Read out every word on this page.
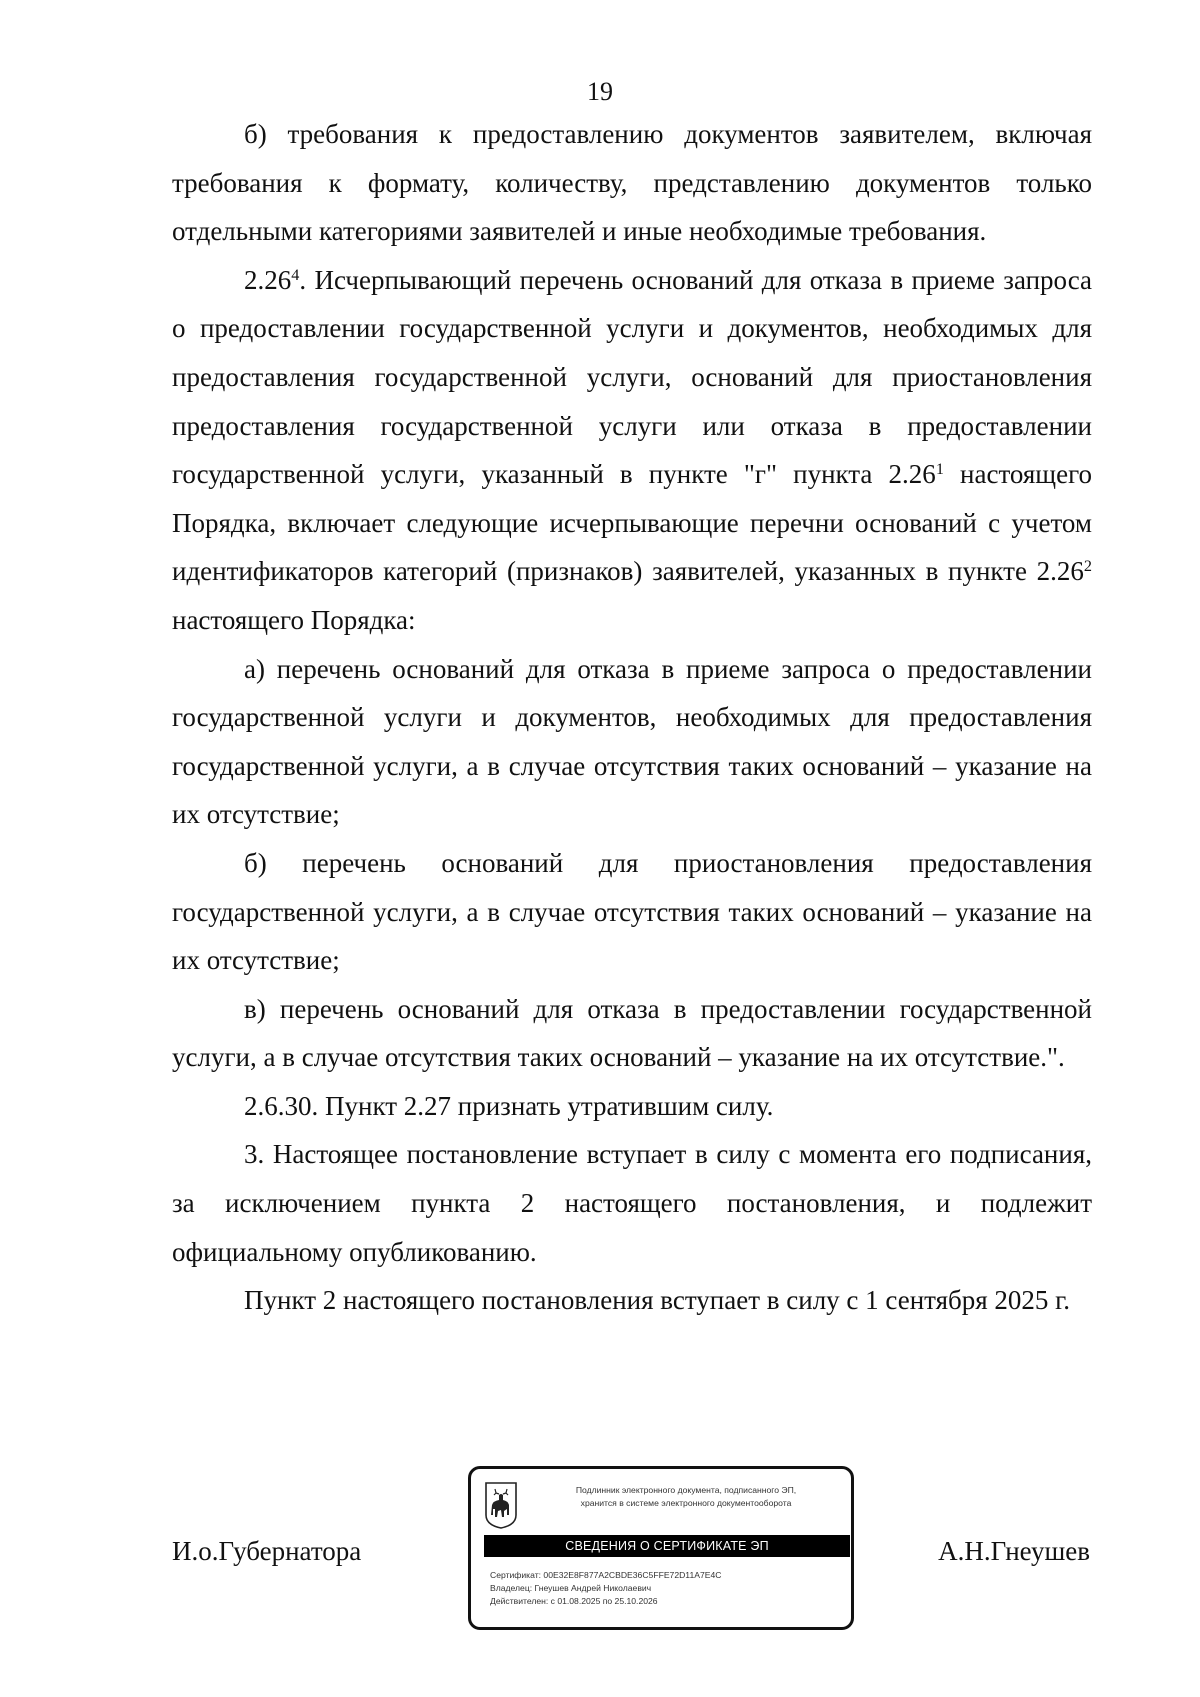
19

б) требования к предоставлению документов заявителем, включая требования к формату, количеству, представлению документов только отдельными категориями заявителей и иные необходимые требования.

2.26$^4$. Исчерпывающий перечень оснований для отказа в приеме запроса о предоставлении государственной услуги и документов, необходимых для предоставления государственной услуги, оснований для приостановления предоставления государственной услуги или отказа в предоставлении государственной услуги, указанный в пункте "г" пункта 2.26$^1$ настоящего Порядка, включает следующие исчерпывающие перечни оснований с учетом идентификаторов категорий (признаков) заявителей, указанных в пункте 2.26$^2$ настоящего Порядка:

а) перечень оснований для отказа в приеме запроса о предоставлении государственной услуги и документов, необходимых для предоставления государственной услуги, а в случае отсутствия таких оснований – указание на их отсутствие;

б) перечень оснований для приостановления предоставления государственной услуги, а в случае отсутствия таких оснований – указание на их отсутствие;

в) перечень оснований для отказа в предоставлении государственной услуги, а в случае отсутствия таких оснований – указание на их отсутствие.".

2.6.30. Пункт 2.27 признать утратившим силу.

3. Настоящее постановление вступает в силу с момента его подписания, за исключением пункта 2 настоящего постановления, и подлежит официальному опубликованию.

Пункт 2 настоящего постановления вступает в силу с 1 сентября 2025 г.

И.о.Губернатора
Подлинник электронного документа, подписанного ЭП,
хранится в системе электронного документооборота
СВЕДЕНИЯ О СЕРТИФИКАТЕ ЭП
Сертификат: 00E32E8F877A2CBDE36C5FFE72D11A7E4C
Владелец: Гнеушев Андрей Николаевич
Действителен: с 01.08.2025 по 25.10.2026
А.Н.Гнеушев
